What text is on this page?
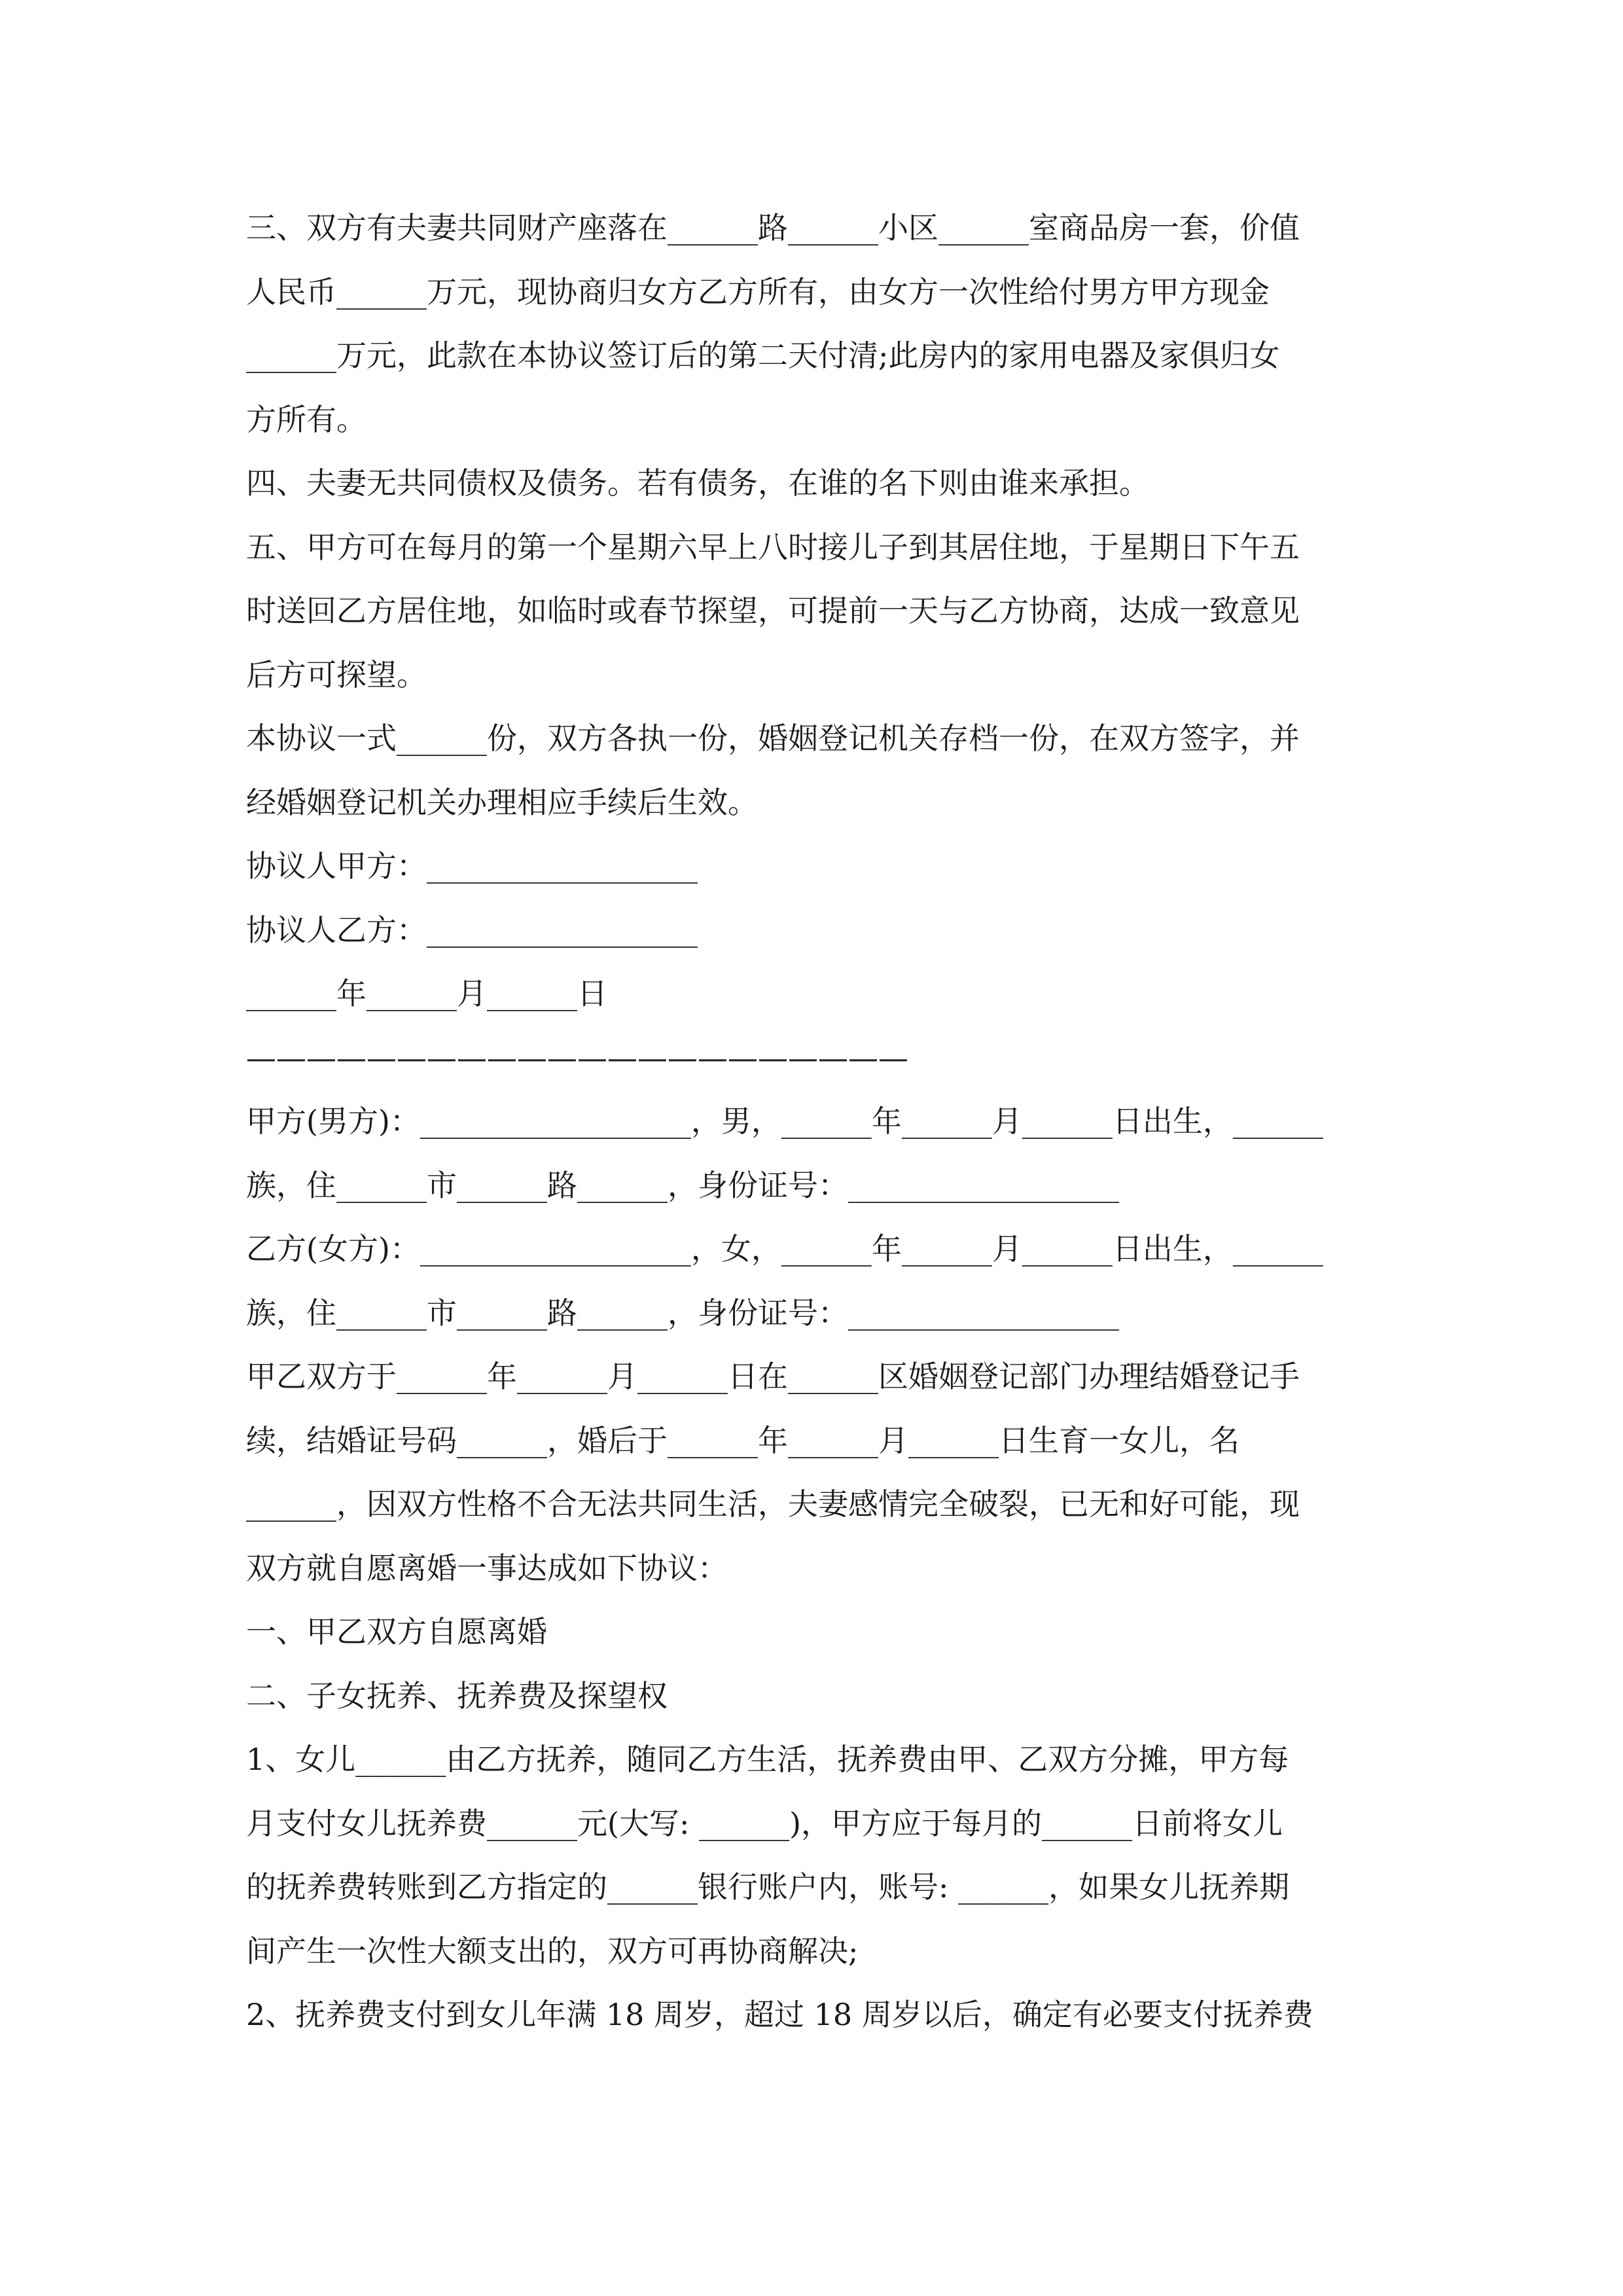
三、双方有夫妻共同财产座落在______路______小区______室商品房一套，价值

人民币______万元，现协商归女方乙方所有，由女方一次性给付男方甲方现金

______万元，此款在本协议签订后的第二天付清;此房内的家用电器及家俱归女

方所有。

四、夫妻无共同债权及债务。若有债务，在谁的名下则由谁来承担。

五、甲方可在每月的第一个星期六早上八时接儿子到其居住地，于星期日下午五

时送回乙方居住地，如临时或春节探望，可提前一天与乙方协商，达成一致意见

后方可探望。

本协议一式______份，双方各执一份，婚姻登记机关存档一份，在双方签字，并

经婚姻登记机关办理相应手续后生效。

协议人甲方：__________________

协议人乙方：__________________

______年______月______日

——————————————————————

甲方(男方)：__________________，男，______年______月______日出生，______

族，住______市______路______，身份证号：__________________

乙方(女方)：__________________，女，______年______月______日出生，______

族，住______市______路______，身份证号：__________________

甲乙双方于______年______月______日在______区婚姻登记部门办理结婚登记手

续，结婚证号码______，婚后于______年______月______日生育一女儿，名

______，因双方性格不合无法共同生活，夫妻感情完全破裂，已无和好可能，现

双方就自愿离婚一事达成如下协议：

一、甲乙双方自愿离婚

二、子女抚养、抚养费及探望权

1、女儿______由乙方抚养，随同乙方生活，抚养费由甲、乙双方分摊，甲方每

月支付女儿抚养费______元(大写: ______)，甲方应于每月的______日前将女儿

的抚养费转账到乙方指定的______银行账户内，账号: ______，如果女儿抚养期

间产生一次性大额支出的，双方可再协商解决;

2、抚养费支付到女儿年满 18 周岁，超过 18 周岁以后，确定有必要支付抚养费
